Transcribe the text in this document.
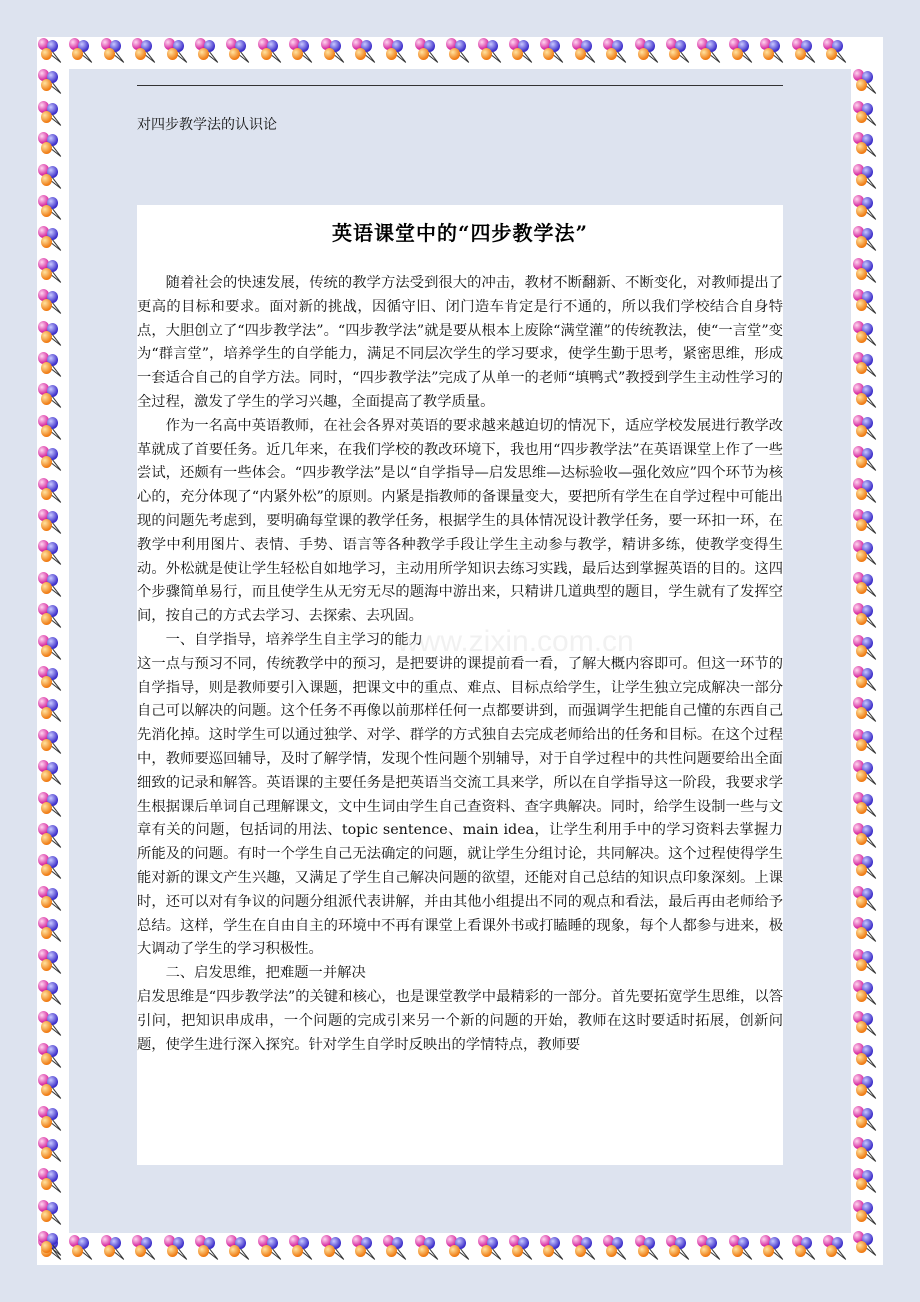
对四步教学法的认识论

英语课堂中的“四步教学法”

随着社会的快速发展，传统的教学方法受到很大的冲击，教材不断翻新、不断变化，对教师提出了更高的目标和要求。面对新的挑战，因循守旧、闭门造车肯定是行不通的，所以我们学校结合自身特点，大胆创立了“四步教学法”。“四步教学法”就是要从根本上废除“满堂灌”的传统教法，使“一言堂”变为“群言堂”，培养学生的自学能力，满足不同层次学生的学习要求，使学生勤于思考，紧密思维，形成一套适合自己的自学方法。同时，“四步教学法”完成了从单一的老师“填鸭式”教授到学生主动性学习的全过程，激发了学生的学习兴趣，全面提高了教学质量。

作为一名高中英语教师，在社会各界对英语的要求越来越迫切的情况下，适应学校发展进行教学改革就成了首要任务。近几年来，在我们学校的教改环境下，我也用“四步教学法”在英语课堂上作了一些尝试，还颇有一些体会。“四步教学法”是以“自学指导—启发思维—达标验收—强化效应”四个环节为核心的，充分体现了“内紧外松”的原则。内紧是指教师的备课量变大，要把所有学生在自学过程中可能出现的问题先考虑到，要明确每堂课的教学任务，根据学生的具体情况设计教学任务，要一环扣一环，在教学中利用图片、表情、手势、语言等各种教学手段让学生主动参与教学，精讲多练，使教学变得生动。外松就是使让学生轻松自如地学习，主动用所学知识去练习实践，最后达到掌握英语的目的。这四个步骤简单易行，而且使学生从无穷无尽的题海中游出来，只精讲几道典型的题目，学生就有了发挥空间，按自己的方式去学习、去探索、去巩固。

一、自学指导，培养学生自主学习的能力

这一点与预习不同，传统教学中的预习，是把要讲的课提前看一看，了解大概内容即可。但这一环节的自学指导，则是教师要引入课题，把课文中的重点、难点、目标点给学生，让学生独立完成解决一部分自己可以解决的问题。这个任务不再像以前那样任何一点都要讲到，而强调学生把能自己懂的东西自己先消化掉。这时学生可以通过独学、对学、群学的方式独自去完成老师给出的任务和目标。在这个过程中，教师要巡回辅导，及时了解学情，发现个性问题个别辅导，对于自学过程中的共性问题要给出全面细致的记录和解答。英语课的主要任务是把英语当交流工具来学，所以在自学指导这一阶段，我要求学生根据课后单词自己理解课文，文中生词由学生自己查资料、查字典解决。同时，给学生设制一些与文章有关的问题，包括词的用法、topic sentence、main idea，让学生利用手中的学习资料去掌握力所能及的问题。有时一个学生自己无法确定的问题，就让学生分组讨论，共同解决。这个过程使得学生能对新的课文产生兴趣，又满足了学生自己解决问题的欲望，还能对自己总结的知识点印象深刻。上课时，还可以对有争议的问题分组派代表讲解，并由其他小组提出不同的观点和看法，最后再由老师给予总结。这样，学生在自由自主的环境中不再有课堂上看课外书或打瞌睡的现象，每个人都参与进来，极大调动了学生的学习积极性。

二、启发思维，把难题一并解决

启发思维是“四步教学法”的关键和核心，也是课堂教学中最精彩的一部分。首先要拓宽学生思维，以答引问，把知识串成串，一个问题的完成引来另一个新的问题的开始，教师在这时要适时拓展，创新问题，使学生进行深入探究。针对学生自学时反映出的学情特点，教师要

www.zixin.com.cn
